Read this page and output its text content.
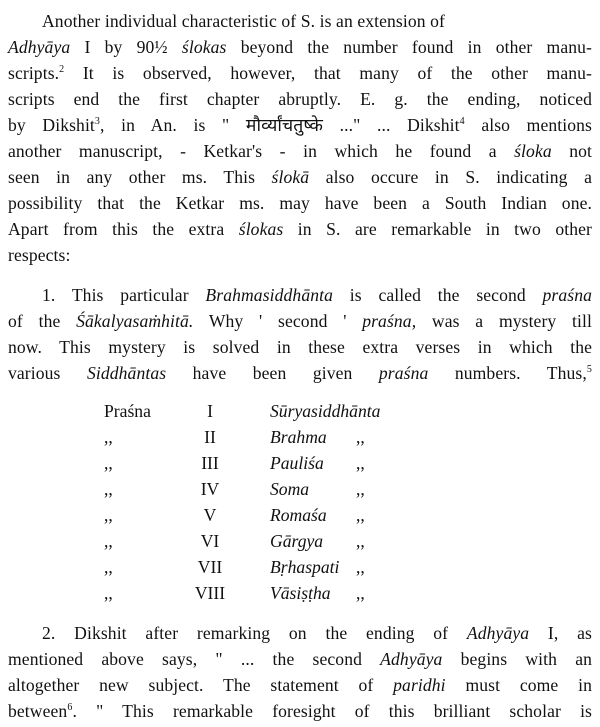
Another individual characteristic of S. is an extension of
Adhyāya I by 90½ ślokas beyond the number found in other manu-
scripts.$^2$ It is observed, however, that many of the other manu-
scripts end the first chapter abruptly. E. g. the ending, noticed
by Dikshit$^3$, in An. is " मौर्व्यांचतुष्के ..." ... Dikshit$^4$ also mentions
another manuscript, - Ketkar's - in which he found a śloka not
seen in any other ms. This ślokā also occure in S. indicating a
possibility that the Ketkar ms. may have been a South Indian one.
Apart from this the extra ślokas in S. are remarkable in two other
respects:
1. This particular Brahmasiddhānta is called the second praśna
of the Śākalyasaṁhitā. Why ' second ' praśna, was a mystery till
now. This mystery is solved in these extra verses in which the
various Siddhāntas have been given praśna numbers. Thus,$^5$
Praśna	I	Sūryasiddhānta
,,	II	Brahma ,,
,,	III	Pauliśa ,,
,,	IV	Soma	,,
,,	V	Romaśa ,,
,,	VI	Gārgya ,,
,,	VII	Bṛhaspati ,,
,,	VIII	Vāsiṣṭha ,,
2. Dikshit after remarking on the ending of Adhyāya I, as
mentioned above says, " ... the second Adhyāya begins with an
altogether new subject. The statement of paridhi must come in
between$^6$. " This remarkable foresight of this brilliant scholar is
